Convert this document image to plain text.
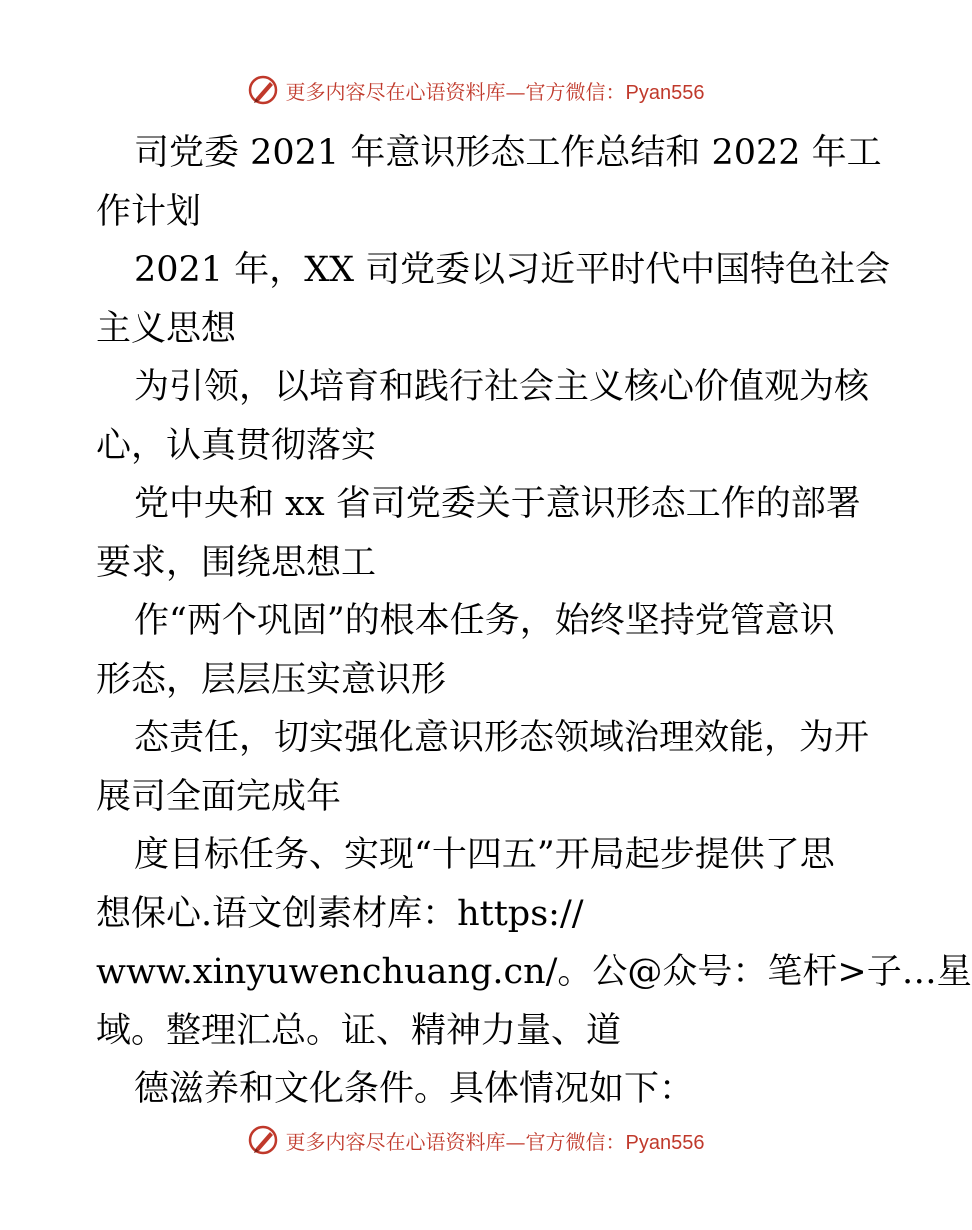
更多内容尽在心语资料库—官方微信：Pyan556
司党委 2021 年意识形态工作总结和 2022 年工
作计划
2021 年，XX 司党委以习近平时代中国特色社会
主义思想
为引领，以培育和践行社会主义核心价值观为核
心，认真贯彻落实
党中央和 xx 省司党委关于意识形态工作的部署
要求，围绕思想工
作“两个巩固”的根本任务，始终坚持党管意识
形态，层层压实意识形
态责任，切实强化意识形态领域治理效能，为开
展司全面完成年
度目标任务、实现“十四五”开局起步提供了思
想保心.语文创素材库：https://
www.xinyuwenchuang.cn/。公@众号：笔杆>子…星
域。整理汇总。证、精神力量、道
德滋养和文化条件。具体情况如下：
更多内容尽在心语资料库—官方微信：Pyan556
